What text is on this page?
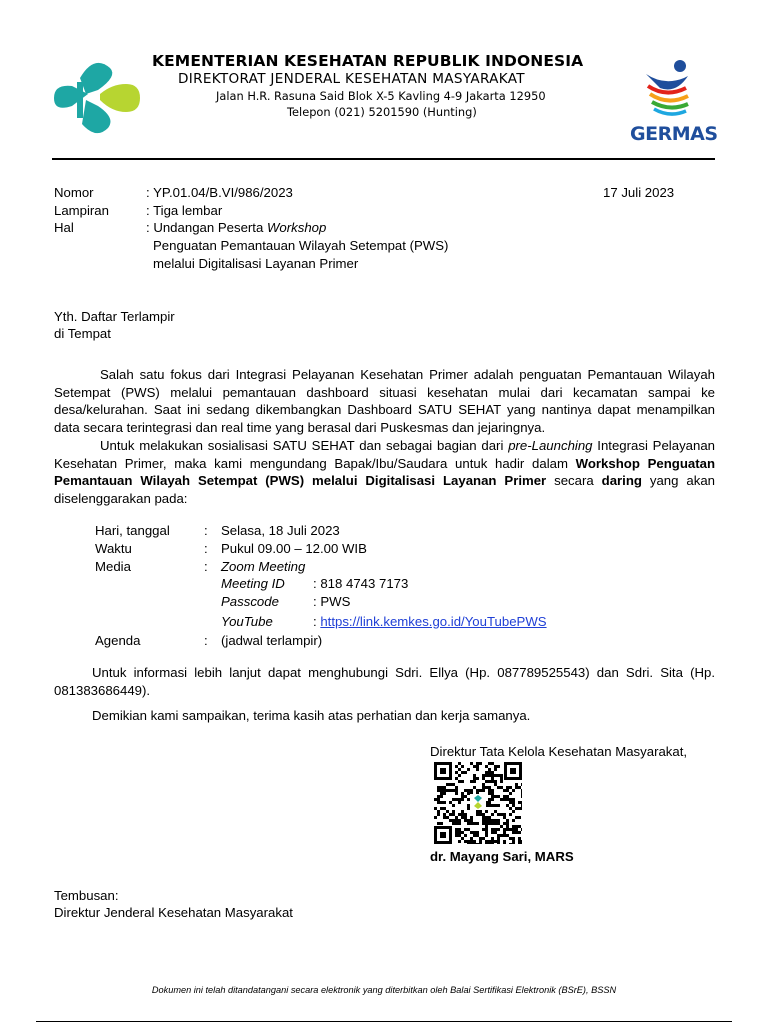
KEMENTERIAN KESEHATAN REPUBLIK INDONESIA
DIREKTORAT JENDERAL KESEHATAN MASYARAKAT
Jalan H.R. Rasuna Said Blok X-5 Kavling 4-9 Jakarta 12950
Telepon (021) 5201590 (Hunting)
GERMAS
Nomor	: YP.01.04/B.VI/986/2023	17 Juli 2023
Lampiran	: Tiga lembar
Hal	: Undangan Peserta Workshop
Penguatan Pemantauan Wilayah Setempat (PWS)
melalui Digitalisasi Layanan Primer
Yth. Daftar Terlampir
di Tempat

Salah satu fokus dari Integrasi Pelayanan Kesehatan Primer adalah penguatan Pemantauan Wilayah Setempat (PWS) melalui pemantauan dashboard situasi kesehatan mulai dari kecamatan sampai ke desa/kelurahan. Saat ini sedang dikembangkan Dashboard SATU SEHAT yang nantinya dapat menampilkan data secara terintegrasi dan real time yang berasal dari Puskesmas dan jejaringnya.

Untuk melakukan sosialisasi SATU SEHAT dan sebagai bagian dari pre-Launching Integrasi Pelayanan Kesehatan Primer, maka kami mengundang Bapak/Ibu/Saudara untuk hadir dalam Workshop Penguatan Pemantauan Wilayah Setempat (PWS) melalui Digitalisasi Layanan Primer secara daring yang akan diselenggarakan pada:

Hari, tanggal	: Selasa, 18 Juli 2023
Waktu	: Pukul 09.00 – 12.00 WIB
Media	: Zoom Meeting
Meeting ID : 818 4743 7173
Passcode	: PWS
YouTube	: https://link.kemkes.go.id/YouTubePWS
Agenda	: (jadwal terlampir)

Untuk informasi lebih lanjut dapat menghubungi Sdri. Ellya (Hp. 087789525543) dan Sdri. Sita (Hp. 081383686449).

Demikian kami sampaikan, terima kasih atas perhatian dan kerja samanya.
Direktur Tata Kelola Kesehatan Masyarakat,
dr. Mayang Sari, MARS
Tembusan:
Direktur Jenderal Kesehatan Masyarakat
Dokumen ini telah ditandatangani secara elektronik yang diterbitkan oleh Balai Sertifikasi Elektronik (BSrE), BSSN
